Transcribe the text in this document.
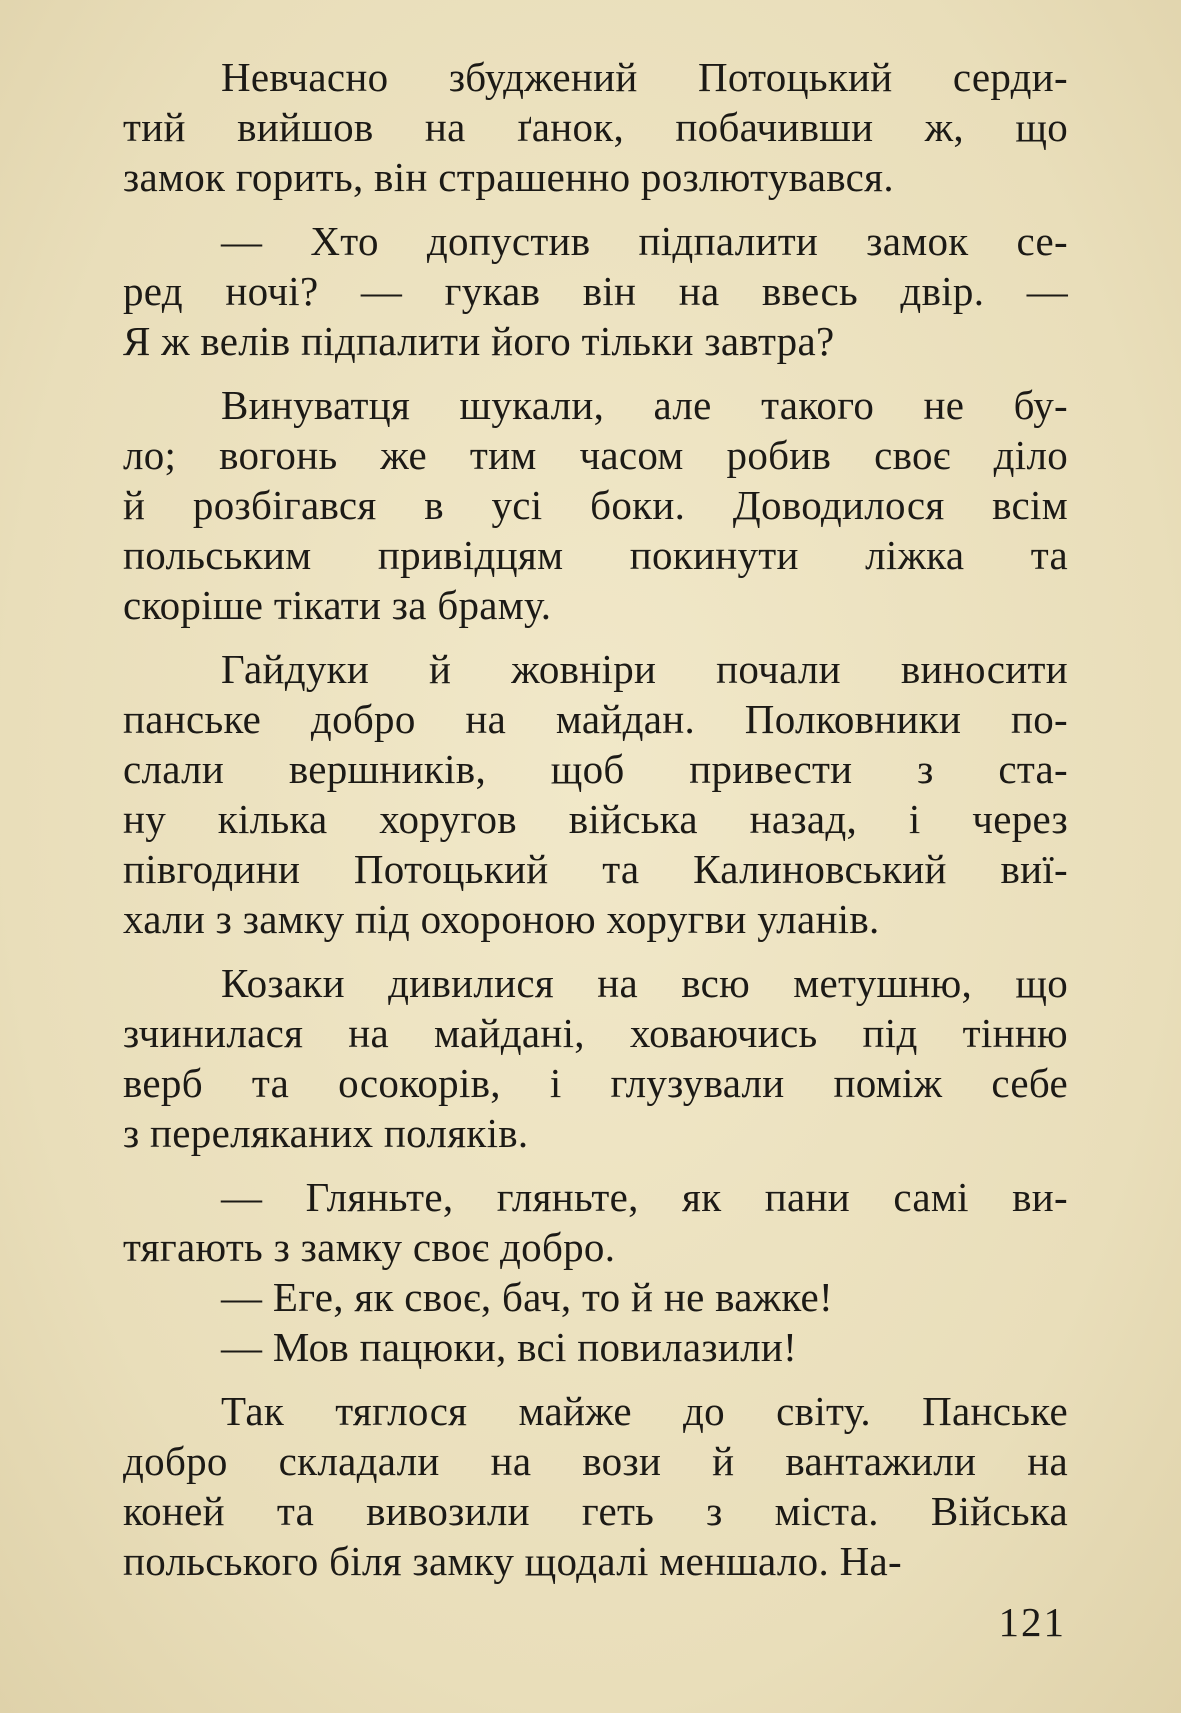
Невчасно збуджений Потоцький серди-
тий вийшов на ґанок, побачивши ж, що
замок горить, він страшенно розлютувався.
— Хто допустив підпалити замок се-
ред ночі? — гукав він на ввесь двір. —
Я ж велів підпалити його тільки завтра?
Винуватця шукали, але такого не бу-
ло; вогонь же тим часом робив своє діло
й розбігався в усі боки. Доводилося всім
польським привідцям покинути ліжка та
скоріше тікати за браму.
Гайдуки й жовніри почали виносити
панське добро на майдан. Полковники по-
слали вершників, щоб привести з ста-
ну кілька хоругов війська назад, і через
півгодини Потоцький та Калиновський виї-
хали з замку під охороною хоругви уланів.
Козаки дивилися на всю метушню, що
зчинилася на майдані, ховаючись під тінню
верб та осокорів, і глузували поміж себе
з переляканих поляків.
— Гляньте, гляньте, як пани самі ви-
тягають з замку своє добро.
— Еге, як своє, бач, то й не важке!
— Мов пацюки, всі повилазили!
Так тяглося майже до світу. Панське
добро складали на вози й вантажили на
коней та вивозили геть з міста. Війська
польського біля замку щодалі меншало. На-
121
